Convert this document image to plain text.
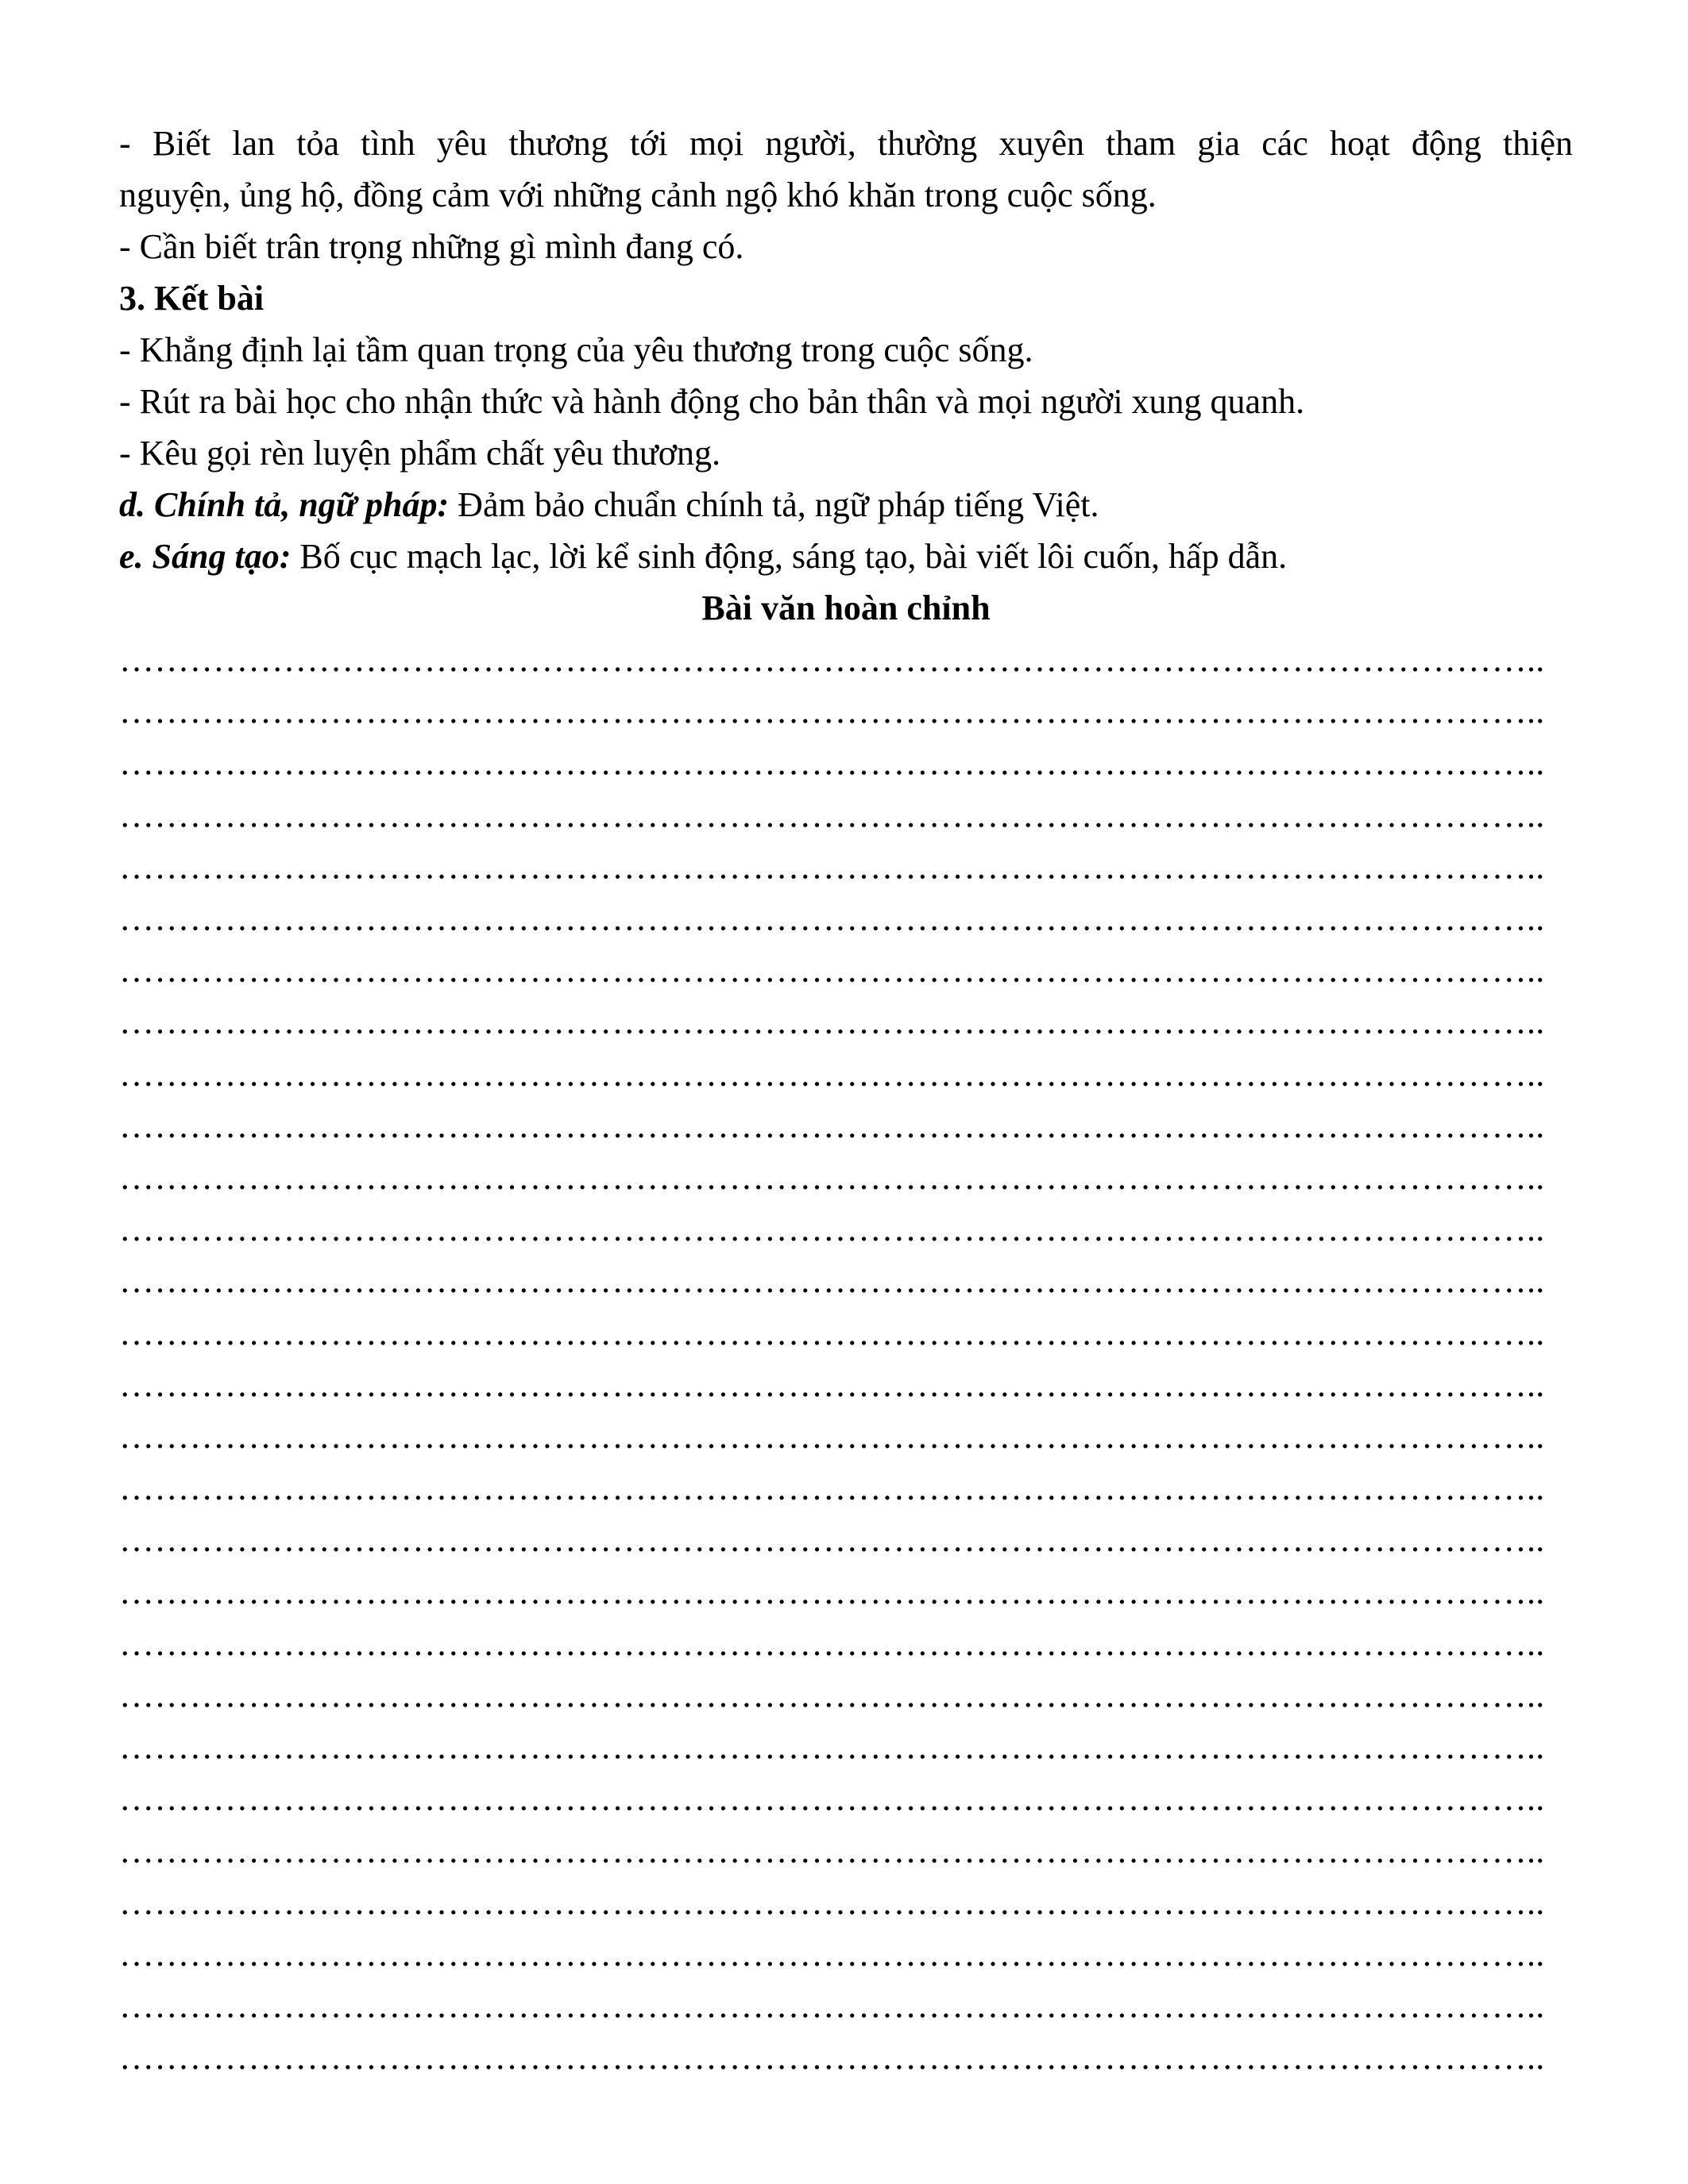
- Biết lan tỏa tình yêu thương tới mọi người, thường xuyên tham gia các hoạt động thiện
nguyện, ủng hộ, đồng cảm với những cảnh ngộ khó khăn trong cuộc sống.
- Cần biết trân trọng những gì mình đang có.
3. Kết bài
- Khẳng định lại tầm quan trọng của yêu thương trong cuộc sống.
- Rút ra bài học cho nhận thức và hành động cho bản thân và mọi người xung quanh.
- Kêu gọi rèn luyện phẩm chất yêu thương.
d. Chính tả, ngữ pháp: Đảm bảo chuẩn chính tả, ngữ pháp tiếng Việt.
e. Sáng tạo: Bố cục mạch lạc, lời kể sinh động, sáng tạo, bài viết lôi cuốn, hấp dẫn.
Bài văn hoàn chỉnh
…………………………………………………………………………………………………………..
…………………………………………………………………………………………………………..
…………………………………………………………………………………………………………..
…………………………………………………………………………………………………………..
…………………………………………………………………………………………………………..
…………………………………………………………………………………………………………..
…………………………………………………………………………………………………………..
…………………………………………………………………………………………………………..
…………………………………………………………………………………………………………..
…………………………………………………………………………………………………………..
…………………………………………………………………………………………………………..
…………………………………………………………………………………………………………..
…………………………………………………………………………………………………………..
…………………………………………………………………………………………………………..
…………………………………………………………………………………………………………..
…………………………………………………………………………………………………………..
…………………………………………………………………………………………………………..
…………………………………………………………………………………………………………..
…………………………………………………………………………………………………………..
…………………………………………………………………………………………………………..
…………………………………………………………………………………………………………..
…………………………………………………………………………………………………………..
…………………………………………………………………………………………………………..
…………………………………………………………………………………………………………..
…………………………………………………………………………………………………………..
…………………………………………………………………………………………………………..
…………………………………………………………………………………………………………..
…………………………………………………………………………………………………………..
